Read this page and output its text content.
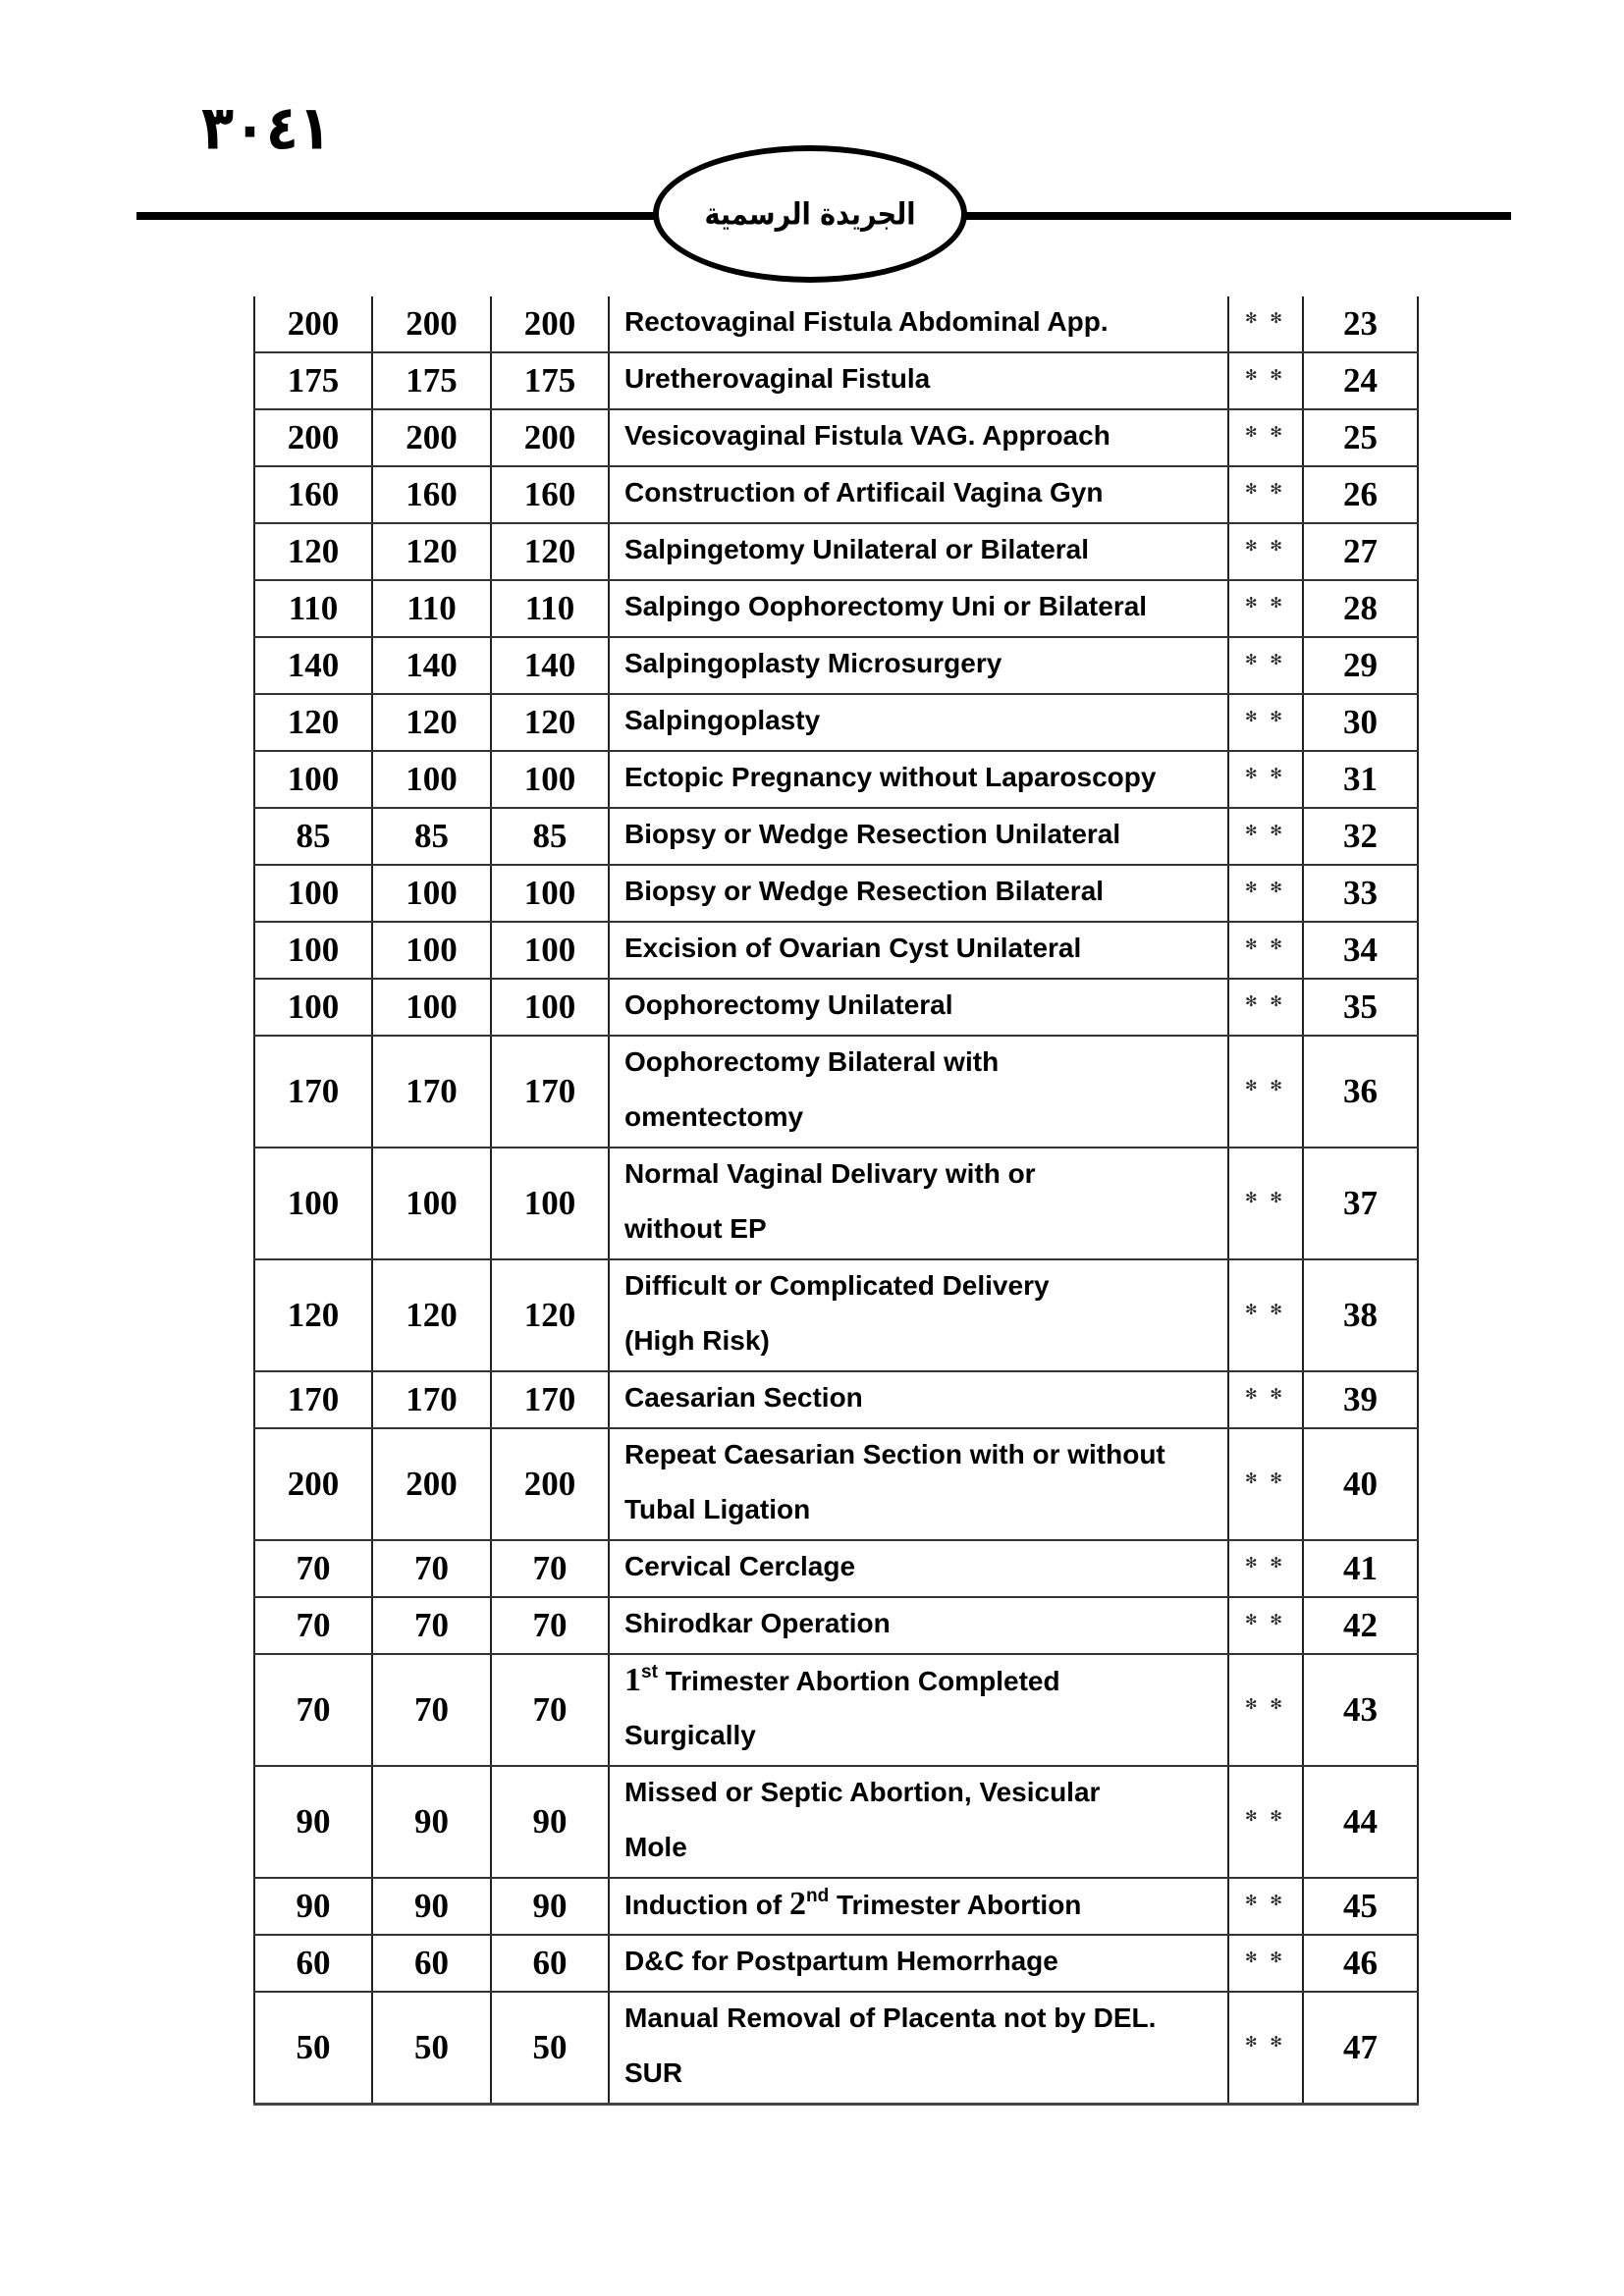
٣٠٤١
الجريدة الرسمية
200	200	200	Rectovaginal Fistula Abdominal App.	✻ ✻	23
175	175	175	Uretherovaginal Fistula	✻ ✻	24
200	200	200	Vesicovaginal Fistula VAG. Approach	✻ ✻	25
160	160	160	Construction of Artificail Vagina Gyn	✻ ✻	26
120	120	120	Salpingetomy Unilateral or Bilateral	✻ ✻	27
110	110	110	Salpingo Oophorectomy Uni or Bilateral	✻ ✻	28
140	140	140	Salpingoplasty Microsurgery	✻ ✻	29
120	120	120	Salpingoplasty	✻ ✻	30
100	100	100	Ectopic Pregnancy without Laparoscopy	✻ ✻	31
85	85	85	Biopsy or Wedge Resection Unilateral	✻ ✻	32
100	100	100	Biopsy or Wedge Resection Bilateral	✻ ✻	33
100	100	100	Excision of Ovarian Cyst Unilateral	✻ ✻	34
100	100	100	Oophorectomy Unilateral	✻ ✻	35
170	170	170	Oophorectomy Bilateral with
omentectomy	✻ ✻	36
100	100	100	Normal Vaginal Delivary with or
without EP	✻ ✻	37
120	120	120	Difficult or Complicated Delivery
(High Risk)	✻ ✻	38
170	170	170	Caesarian Section	✻ ✻	39
200	200	200	Repeat Caesarian Section with or without
Tubal Ligation	✻ ✻	40
70	70	70	Cervical Cerclage	✻ ✻	41
70	70	70	Shirodkar Operation	✻ ✻	42
70	70	70	1st Trimester Abortion Completed
Surgically	✻ ✻	43
90	90	90	Missed or Septic Abortion, Vesicular
Mole	✻ ✻	44
90	90	90	Induction of 2nd Trimester Abortion	✻ ✻	45
60	60	60	D&C for Postpartum Hemorrhage	✻ ✻	46
50	50	50	Manual Removal of Placenta not by DEL.
SUR	✻ ✻	47
